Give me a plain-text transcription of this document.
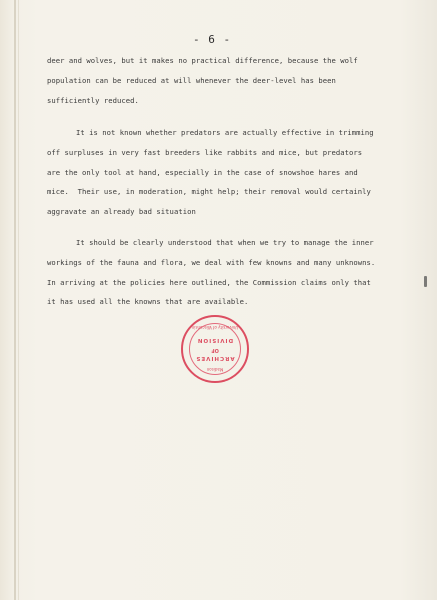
- 6 -
deer and wolves, but it makes no practical difference, because the wolf
population can be reduced at will whenever the deer-level has been
sufficiently reduced.
It is not known whether predators are actually effective in trimming
off surpluses in very fast breeders like rabbits and mice, but predators
are the only tool at hand, especially in the case of snowshoe hares and
mice.  Their use, in moderation, might help; their removal would certainly
aggravate an already bad situation
It should be clearly understood that when we try to manage the inner
workings of the fauna and flora, we deal with few knowns and many unknowns.
In arriving at the policies here outlined, the Commission claims only that
it has used all the knowns that are available.
University of Wisconsin
DIVISION
OF
ARCHIVES
Madison
